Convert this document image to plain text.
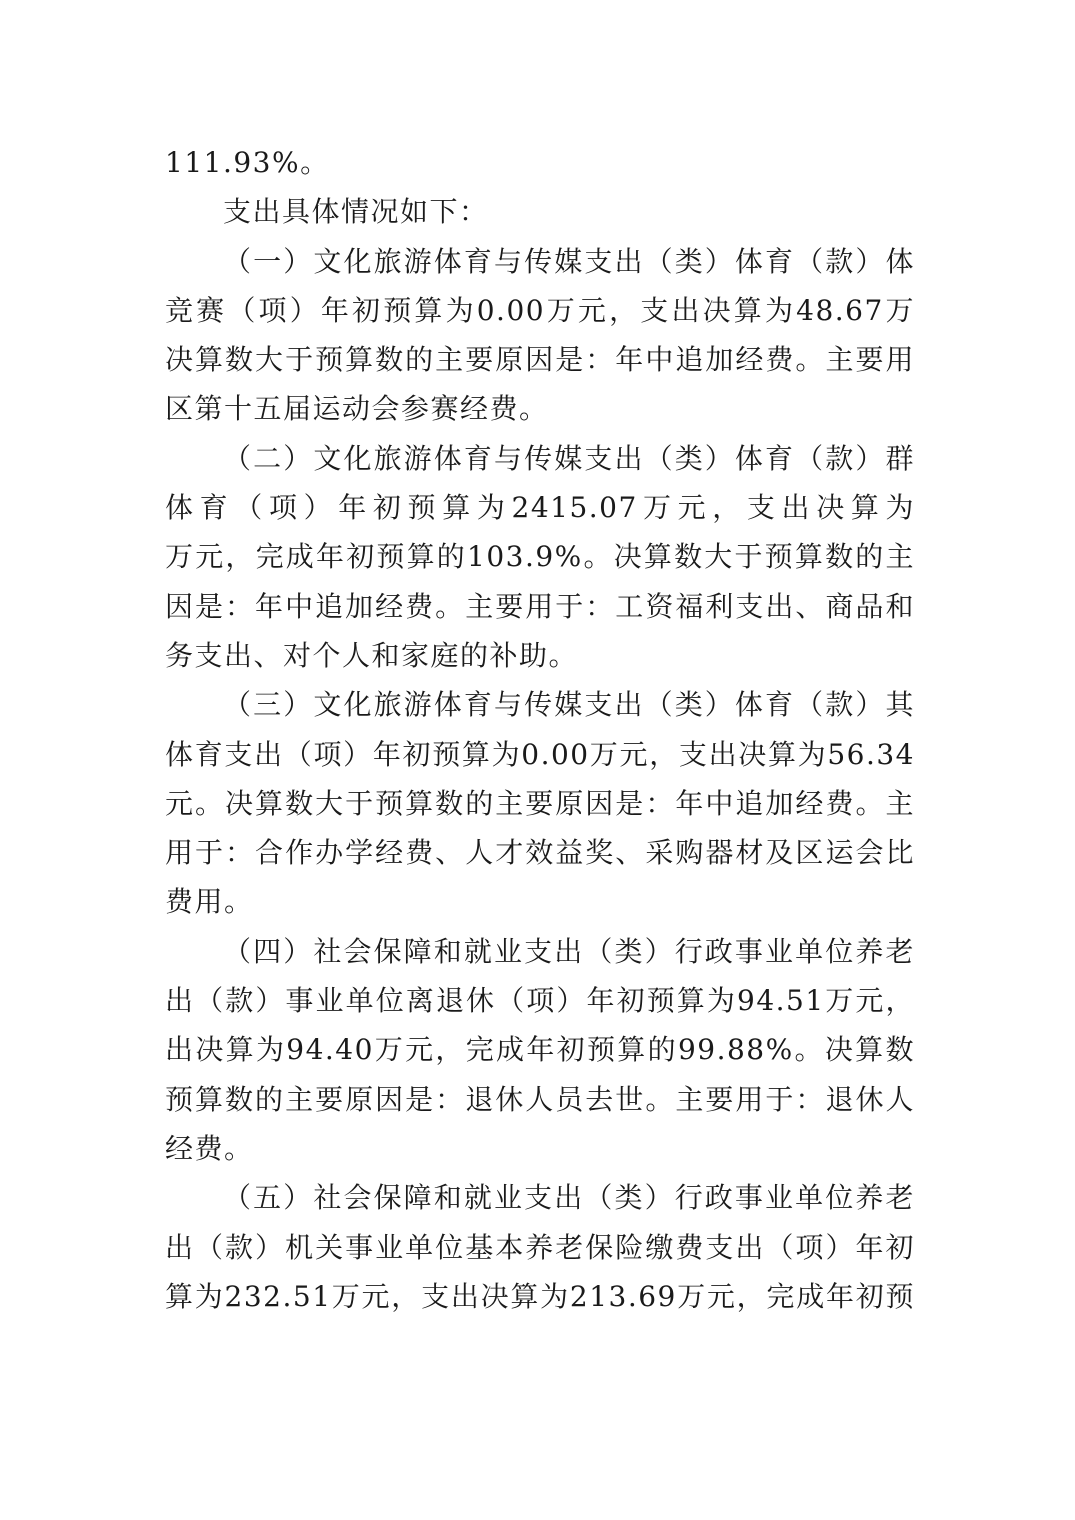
111.93%。
支出具体情况如下：
（一）文化旅游体育与传媒支出（类）体育（款）体
竞赛（项）年初预算为0.00万元，支出决算为48.67万
决算数大于预算数的主要原因是：年中追加经费。主要用
区第十五届运动会参赛经费。
（二）文化旅游体育与传媒支出（类）体育（款）群
体育（项）年初预算为2415.07万元，支出决算为
万元，完成年初预算的103.9%。决算数大于预算数的主
因是：年中追加经费。主要用于：工资福利支出、商品和
务支出、对个人和家庭的补助。
（三）文化旅游体育与传媒支出（类）体育（款）其
体育支出（项）年初预算为0.00万元，支出决算为56.34
元。决算数大于预算数的主要原因是：年中追加经费。主
用于：合作办学经费、人才效益奖、采购器材及区运会比
费用。
（四）社会保障和就业支出（类）行政事业单位养老
出（款）事业单位离退休（项）年初预算为94.51万元，
出决算为94.40万元，完成年初预算的99.88%。决算数
预算数的主要原因是：退休人员去世。主要用于：退休人
经费。
（五）社会保障和就业支出（类）行政事业单位养老
出（款）机关事业单位基本养老保险缴费支出（项）年初
算为232.51万元，支出决算为213.69万元，完成年初预
